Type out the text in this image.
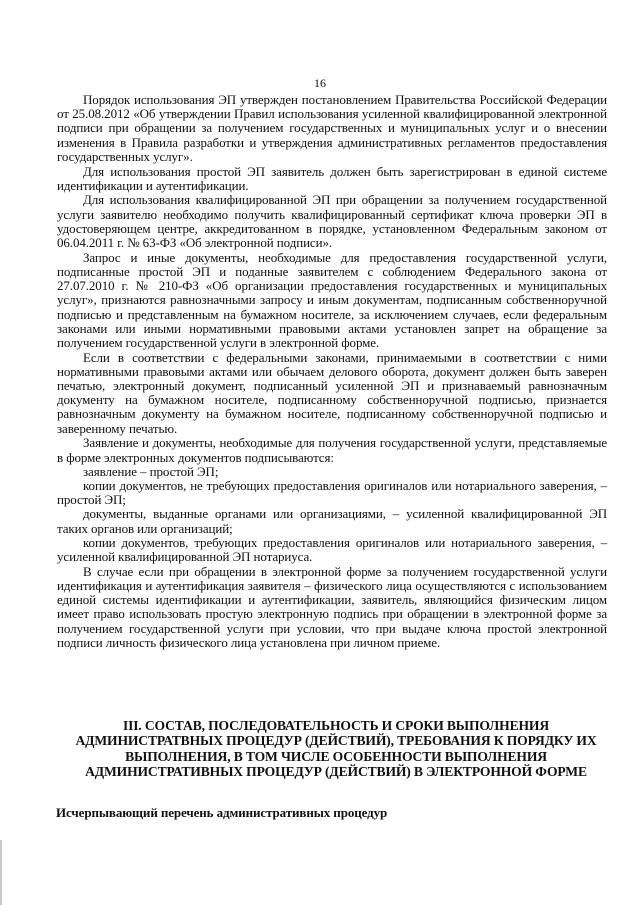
16

Порядок использования ЭП утвержден постановлением Правительства Российской Федерации от 25.08.2012 «Об утверждении Правил использования усиленной квалифицированной электронной подписи при обращении за получением государственных и муниципальных услуг и о внесении изменения в Правила разработки и утверждения административных регламентов предоставления государственных услуг».

Для использования простой ЭП заявитель должен быть зарегистрирован в единой системе идентификации и аутентификации.

Для использования квалифицированной ЭП при обращении за получением государственной услуги заявителю необходимо получить квалифицированный сертификат ключа проверки ЭП в удостоверяющем центре, аккредитованном в порядке, установленном Федеральным законом от 06.04.2011 г. № 63-ФЗ «Об электронной подписи».

Запрос и иные документы, необходимые для предоставления государственной услуги, подписанные простой ЭП и поданные заявителем с соблюдением Федерального закона от 27.07.2010 г. № 210-ФЗ «Об организации предоставления государственных и муниципальных услуг», признаются равнозначными запросу и иным документам, подписанным собственноручной подписью и представленным на бумажном носителе, за исключением случаев, если федеральным законами или иными нормативными правовыми актами установлен запрет на обращение за получением государственной услуги в электронной форме.

Если в соответствии с федеральными законами, принимаемыми в соответствии с ними нормативными правовыми актами или обычаем делового оборота, документ должен быть заверен печатью, электронный документ, подписанный усиленной ЭП и признаваемый равнозначным документу на бумажном носителе, подписанному собственноручной подписью, признается равнозначным документу на бумажном носителе, подписанному собственноручной подписью и заверенному печатью.

Заявление и документы, необходимые для получения государственной услуги, представляемые в форме электронных документов подписываются:

заявление – простой ЭП;

копии документов, не требующих предоставления оригиналов или нотариального заверения, – простой ЭП;

документы, выданные органами или организациями, – усиленной квалифицированной ЭП таких органов или организаций;

копии документов, требующих предоставления оригиналов или нотариального заверения, – усиленной квалифицированной ЭП нотариуса.

В случае если при обращении в электронной форме за получением государственной услуги идентификация и аутентификация заявителя – физического лица осуществляются с использованием единой системы идентификации и аутентификации, заявитель, являющийся физическим лицом имеет право использовать простую электронную подпись при обращении в электронной форме за получением государственной услуги при условии, что при выдаче ключа простой электронной подписи личность физического лица установлена при личном приеме.

III. СОСТАВ, ПОСЛЕДОВАТЕЛЬНОСТЬ И СРОКИ ВЫПОЛНЕНИЯ АДМИНИСТРАТВНЫХ ПРОЦЕДУР (ДЕЙСТВИЙ), ТРЕБОВАНИЯ К ПОРЯДКУ ИХ ВЫПОЛНЕНИЯ, В ТОМ ЧИСЛЕ ОСОБЕННОСТИ ВЫПОЛНЕНИЯ АДМИНИСТРАТИВНЫХ ПРОЦЕДУР (ДЕЙСТВИЙ) В ЭЛЕКТРОННОЙ ФОРМЕ
Исчерпывающий перечень административных процедур
